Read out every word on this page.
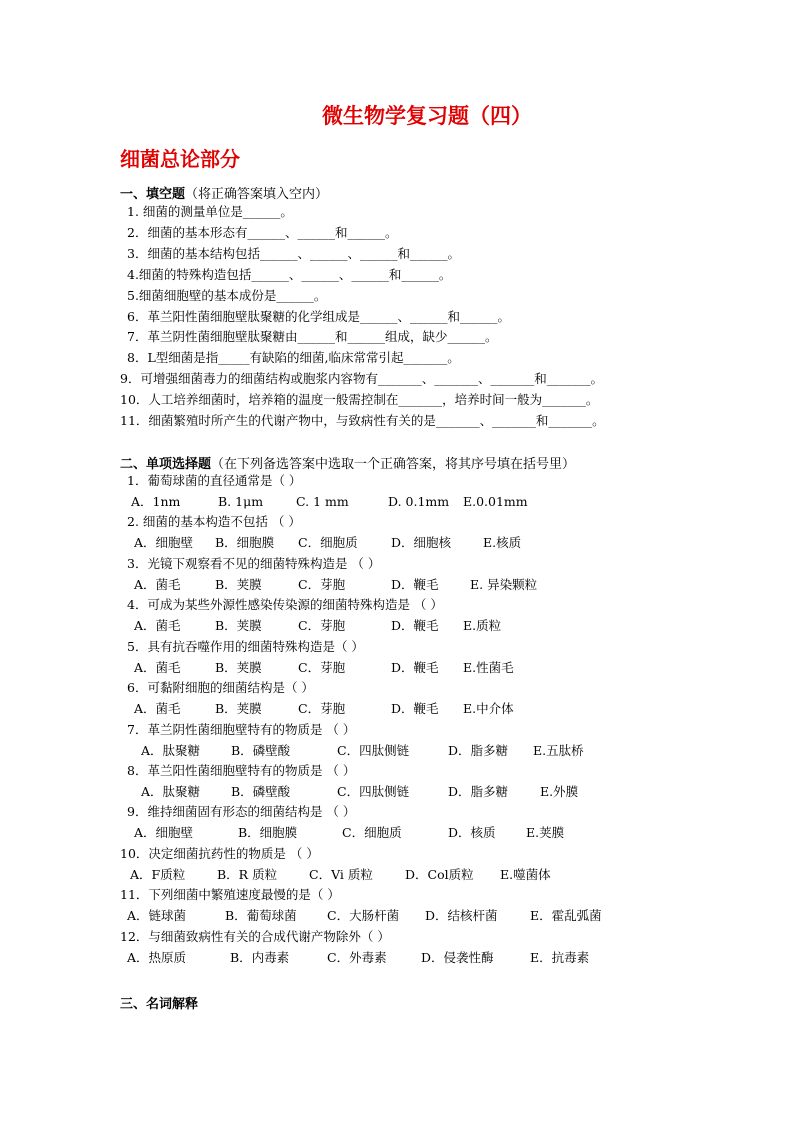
微生物学复习题（四）
细菌总论部分
一、填空题（将正确答案填入空内）
1. 细菌的测量单位是______。
2．细菌的基本形态有______、______和______。
3．细菌的基本结构包括______、______、______和______。
4.细菌的特殊构造包括______、______、______和______。
5.细菌细胞壁的基本成份是______。
6．革兰阳性菌细胞壁肽聚糖的化学组成是______、______和______。
7．革兰阴性菌细胞壁肽聚糖由______和______组成，缺少______。
8．L型细菌是指_____有缺陷的细菌,临床常常引起_______。
9．可增强细菌毒力的细菌结构或胞浆内容物有_______、_______、_______和_______。
10．人工培养细菌时，培养箱的温度一般需控制在_______，培养时间一般为_______。
11．细菌繁殖时所产生的代谢产物中，与致病性有关的是_______、_______和_______。
二、单项选择题（在下列备选答案中选取一个正确答案，将其序号填在括号里）
1．葡萄球菌的直径通常是（ ）
A．1nm	B. 1μm	C. 1 mm	D. 0.1mm E.0.01mm
2. 细菌的基本构造不包括 （ ）
A．细胞壁 B．细胞膜 C．细胞质	D．细胞核	E.核质
3．光镜下观察看不见的细菌特殊构造是 （ ）
A．菌毛	B．荚膜	C．芽胞	D．鞭毛	E. 异染颗粒
4．可成为某些外源性感染传染源的细菌特殊构造是 （ ）
A．菌毛	B．荚膜	C．芽胞	D．鞭毛 E.质粒
5．具有抗吞噬作用的细菌特殊构造是（ ）
A．菌毛	B．荚膜	C．芽胞	D．鞭毛 E.性菌毛
6．可黏附细胞的细菌结构是（ ）
A．菌毛	B．荚膜	C．芽胞	D．鞭毛 E.中介体
7．革兰阴性菌细胞壁特有的物质是 （ ）
A．肽聚糖 B．磷壁酸	C．四肽侧链	D．脂多糖 E.五肽桥
8．革兰阳性菌细胞壁特有的物质是 （ ）
A．肽聚糖 B．磷壁酸	C．四肽侧链	D．脂多糖	E.外膜
9．维持细菌固有形态的细菌结构是 （ ）
A．细胞壁	B．细胞膜	C．细胞质	D．核质 E.荚膜
10．决定细菌抗药性的物质是 （ ）
A．F质粒	B．R 质粒	C．Vi 质粒	D．Col质粒 E.噬菌体
11．下列细菌中繁殖速度最慢的是（ ）
A．链球菌	B．葡萄球菌 C．大肠杆菌 D．结核杆菌	E．霍乱弧菌
12．与细菌致病性有关的合成代谢产物除外（ ）
A．热原质	B．内毒素	C．外毒素	D．侵袭性酶	E．抗毒素
三、名词解释
